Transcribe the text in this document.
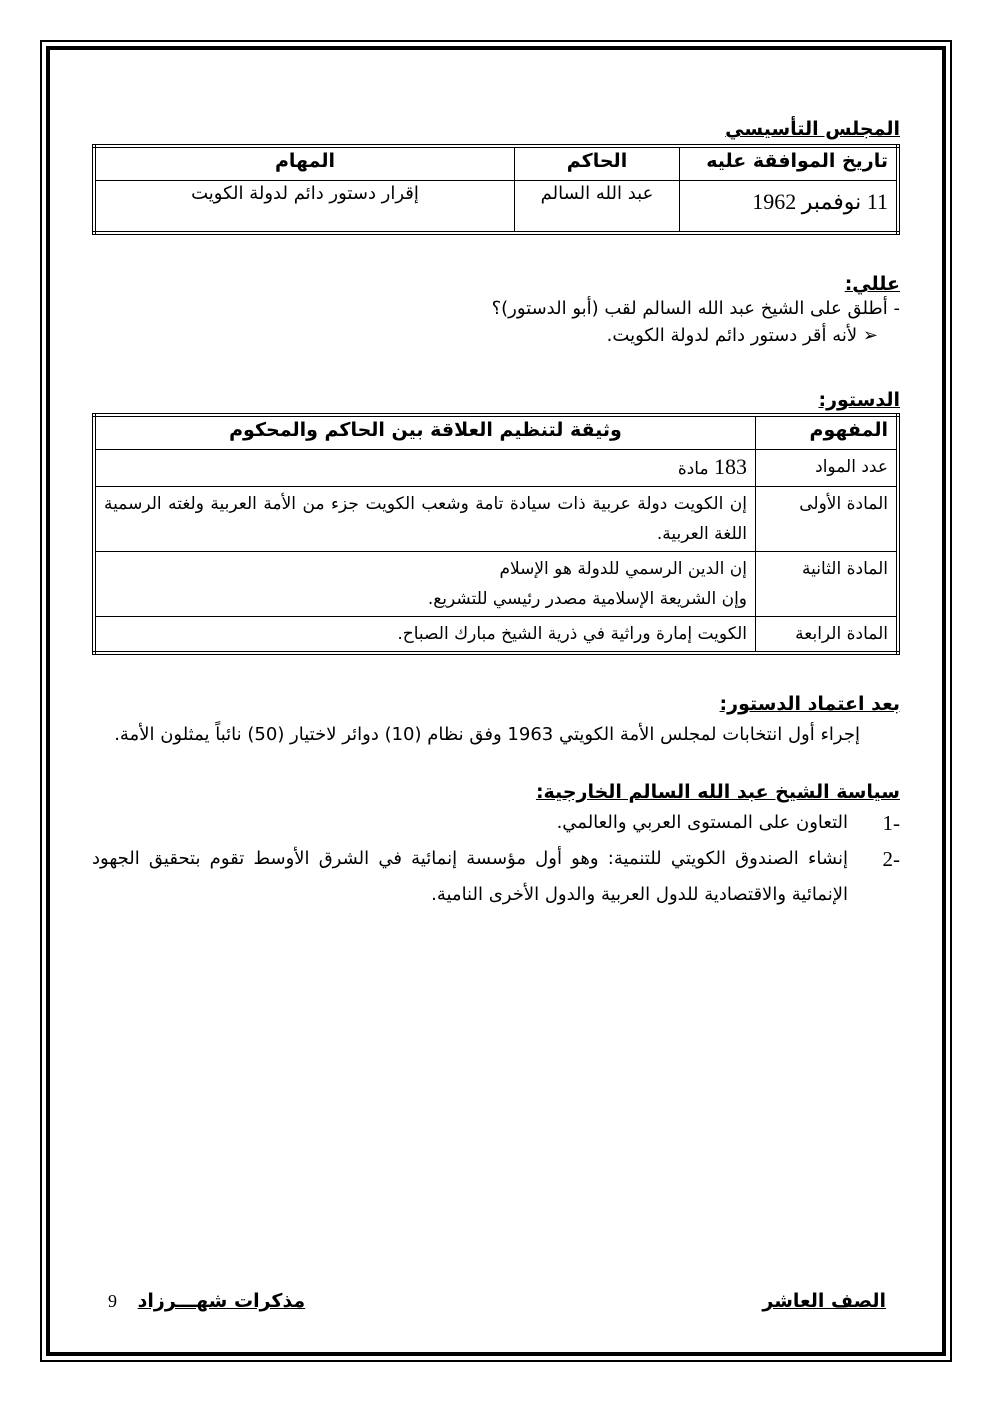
المجلس التأسيسي

تاريخ الموافقة عليه	الحاكم	المهام
11 نوفمبر 1962	عبد الله السالم	إقرار دستور دائم لدولة الكويت

عللي:

- أطلق على الشيخ عبد الله السالم لقب (أبو الدستور)؟
➢ لأنه أقر دستور دائم لدولة الكويت.

الدستور:

المفهوم	وثيقة لتنظيم العلاقة بين الحاكم والمحكوم
عدد المواد	183 مادة
المادة الأولى	إن الكويت دولة عربية ذات سيادة تامة وشعب الكويت جزء من الأمة العربية ولغته الرسمية اللغة العربية.
المادة الثانية	إن الدين الرسمي للدولة هو الإسلام
وإن الشريعة الإسلامية مصدر رئيسي للتشريع.

المادة الرابعة	الكويت إمارة وراثية في ذرية الشيخ مبارك الصباح.

بعد اعتماد الدستور:

إجراء أول انتخابات لمجلس الأمة الكويتي 1963 وفق نظام (10) دوائر لاختيار (50) نائباً يمثلون الأمة.

سياسة الشيخ عبد الله السالم الخارجية:

-1
التعاون على المستوى العربي والعالمي.
-2
إنشاء الصندوق الكويتي للتنمية: وهو أول مؤسسة إنمائية في الشرق الأوسط تقوم بتحقيق الجهود الإنمائية والاقتصادية للدول العربية والدول الأخرى النامية.
الصف العاشر
مذكرات شهـــرزاد 9
